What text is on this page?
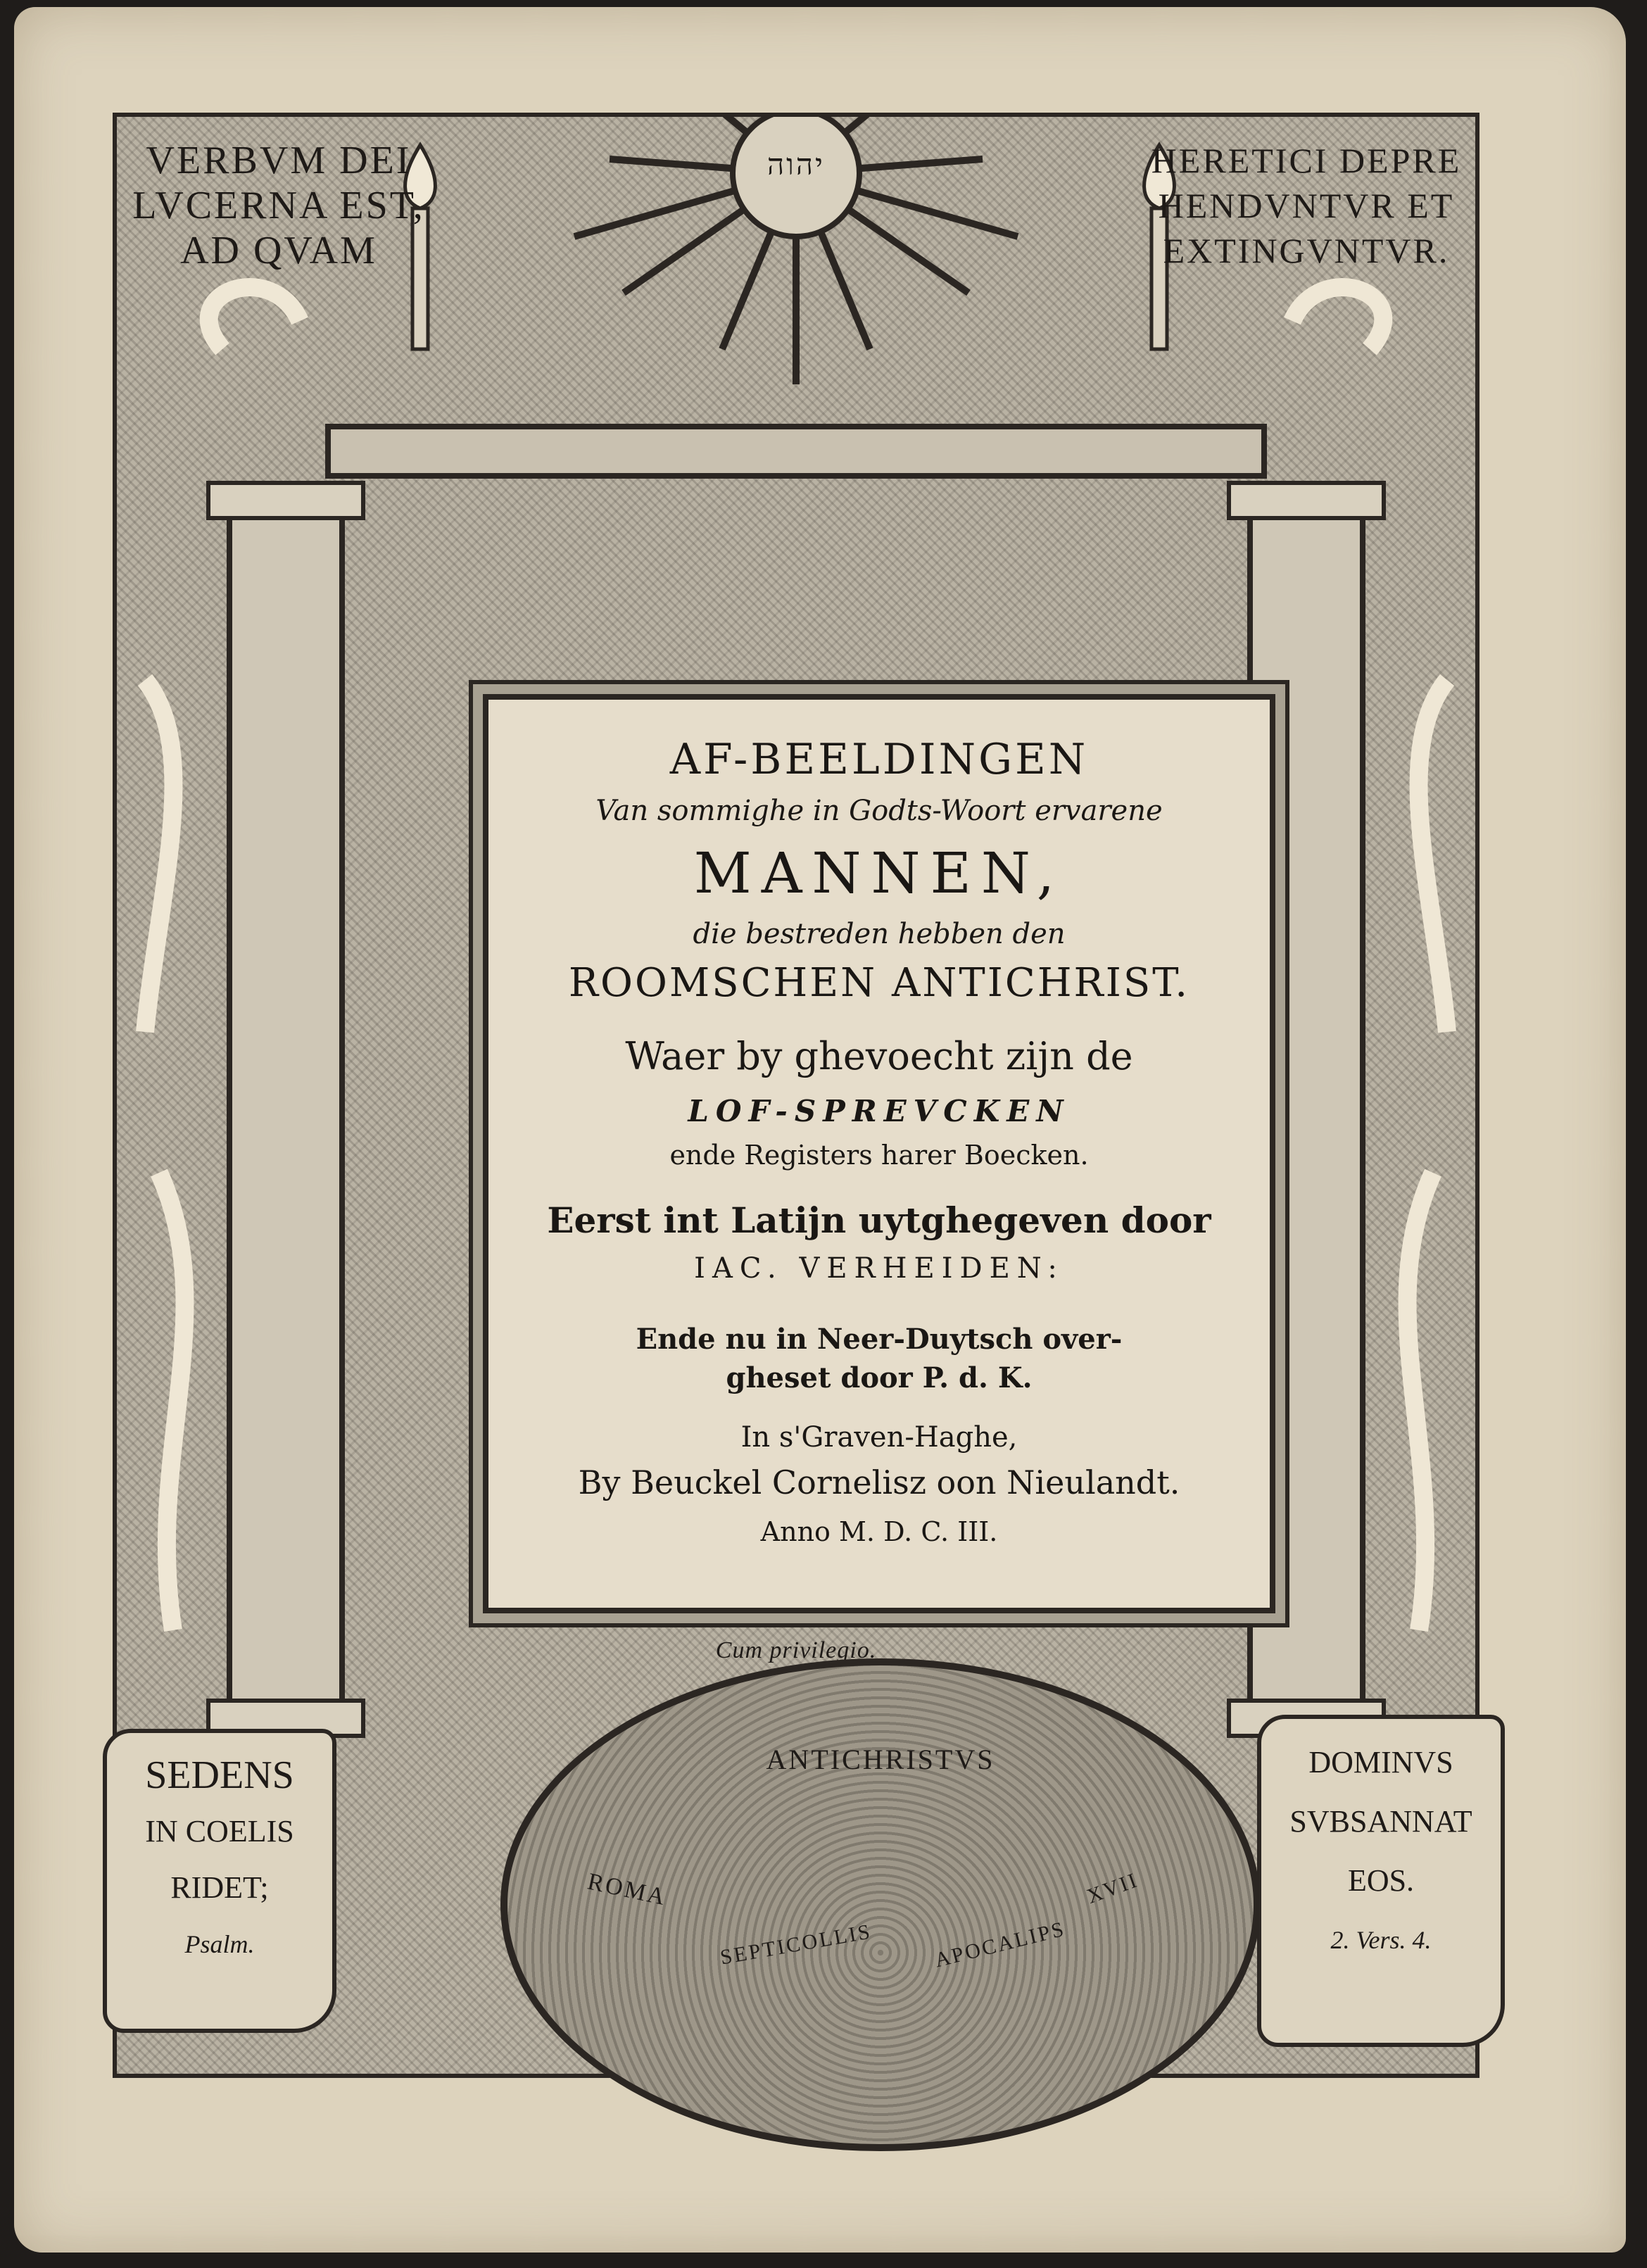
VERBVM DEI
LVCERNA EST,
AD QVAM
HERETICI DEPRE
HENDVNTVR ET
EXTINGVNTVR.
יהוה
AF-BEELDINGEN
Van sommighe in Godts-Woort ervarene
MANNEN,
die bestreden hebben den
ROOMSCHEN ANTICHRIST.
Waer by ghevoecht zijn de
LOF-SPREVCKEN
ende Registers harer Boecken.
Eerst int Latijn uytghegeven door
IAC. VERHEIDEN:
Ende nu in Neer-Duytsch over-
gheset door P. d. K.
In s'Graven-Haghe,
By Beuckel Cornelisz oon Nieulandt.
Anno M. D. C. III.
Cum privilegio.
ANTICHRISTVS
ROMA
SEPTICOLLIS	APOCALIPS
XVII
SEDENS
IN COELIS
RIDET;
Psalm.
DOMINVS
SVBSANNAT
EOS.
2. Vers. 4.
